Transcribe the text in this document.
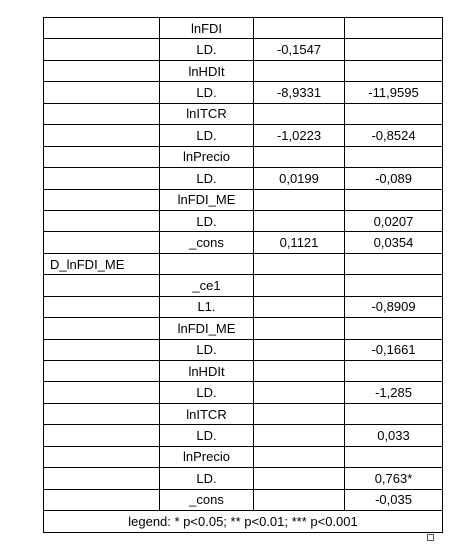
	lnFDI		
	LD.	-0,1547	
	lnHDIt		
	LD.	-8,9331	-11,9595
	lnITCR		
	LD.	-1,0223	-0,8524
	lnPrecio		
	LD.	0,0199	-0,089
	lnFDI_ME		
	LD.		0,0207
	_cons	0,1121	0,0354
D_lnFDI_ME			
	_ce1		
	L1.		-0,8909
	lnFDI_ME		
	LD.		-0,1661
	lnHDIt		
	LD.		-1,285
	lnITCR		
	LD.		0,033
	lnPrecio		
	LD.		0,763*
	_cons		-0,035
legend: * p<0.05; ** p<0.01; *** p<0.001			
